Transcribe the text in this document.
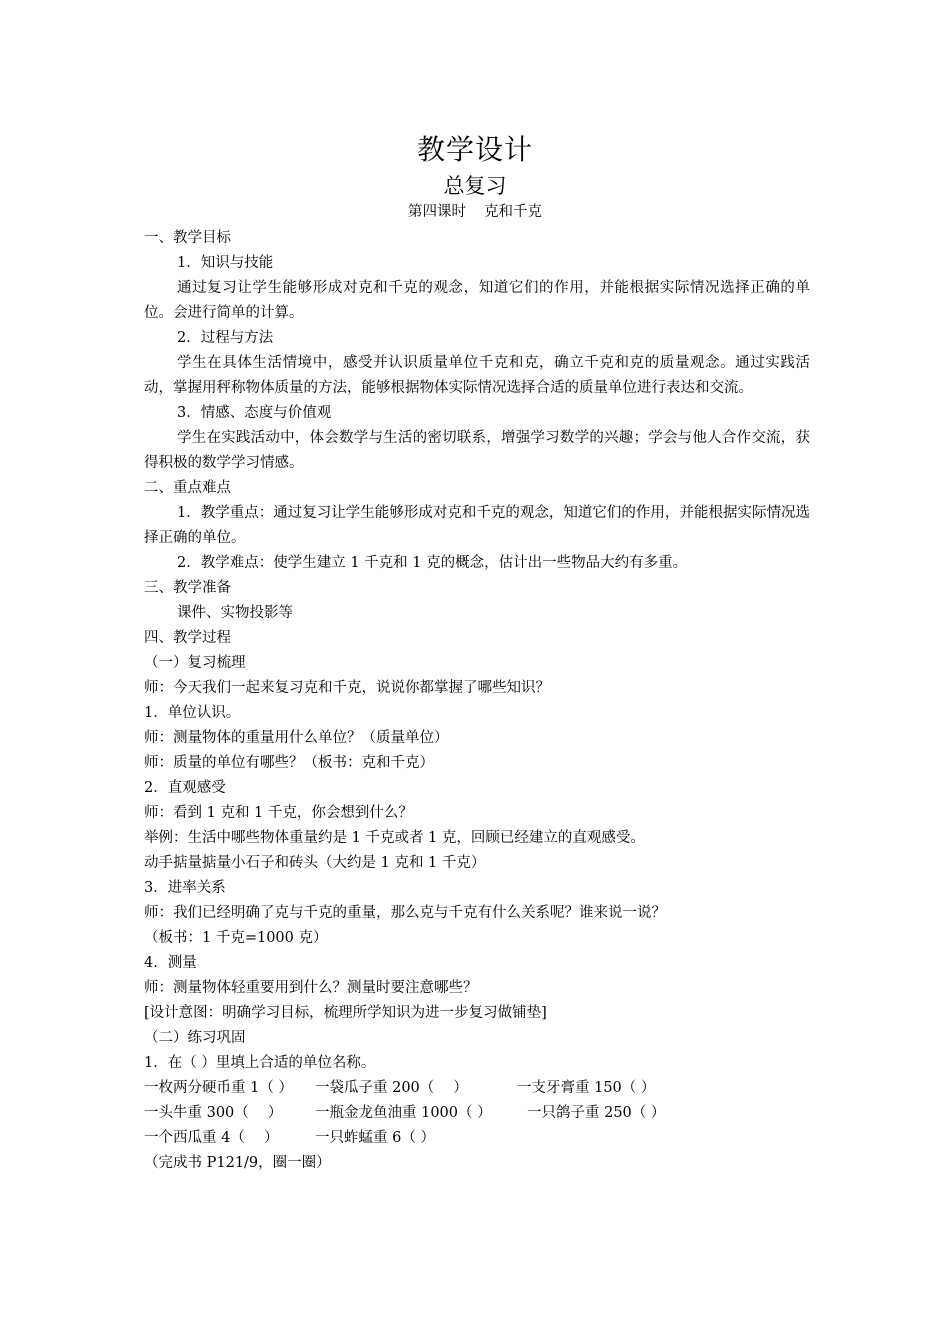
教学设计
总复习
第四课时 克和千克

一、教学目标

1．知识与技能

通过复习让学生能够形成对克和千克的观念，知道它们的作用，并能根据实际情况选择正确的单位。会进行简单的计算。

2．过程与方法

学生在具体生活情境中，感受并认识质量单位千克和克，确立千克和克的质量观念。通过实践活动，掌握用秤称物体质量的方法，能够根据物体实际情况选择合适的质量单位进行表达和交流。

3．情感、态度与价值观

学生在实践活动中，体会数学与生活的密切联系，增强学习数学的兴趣；学会与他人合作交流，获得积极的数学学习情感。

二、重点难点

1．教学重点：通过复习让学生能够形成对克和千克的观念，知道它们的作用，并能根据实际情况选择正确的单位。

2．教学难点：使学生建立 1 千克和 1 克的概念，估计出一些物品大约有多重。

三、教学准备

课件、实物投影等

四、教学过程

（一）复习梳理

师：今天我们一起来复习克和千克，说说你都掌握了哪些知识？

1．单位认识。

师：测量物体的重量用什么单位？（质量单位）

师：质量的单位有哪些？（板书：克和千克）

2．直观感受

师：看到 1 克和 1 千克，你会想到什么？

举例：生活中哪些物体重量约是 1 千克或者 1 克，回顾已经建立的直观感受。

动手掂量掂量小石子和砖头（大约是 1 克和 1 千克）

3．进率关系

师：我们已经明确了克与千克的重量，那么克与千克有什么关系呢？谁来说一说？

（板书：1 千克=1000 克）

4．测量

师：测量物体轻重要用到什么？测量时要注意哪些？

[设计意图：明确学习目标，梳理所学知识为进一步复习做铺垫]

（二）练习巩固

1．在（ ）里填上合适的单位名称。

一枚两分硬币重 1（ ） 一袋瓜子重 200（　 ）	一支牙膏重 150（ ）

一头牛重 300（　 ） 一瓶金龙鱼油重 1000（ ） 一只鸽子重 250（ ）

一个西瓜重 4（　 ）	一只蚱蜢重 6（ ）

（完成书 P121/9，圈一圈）
